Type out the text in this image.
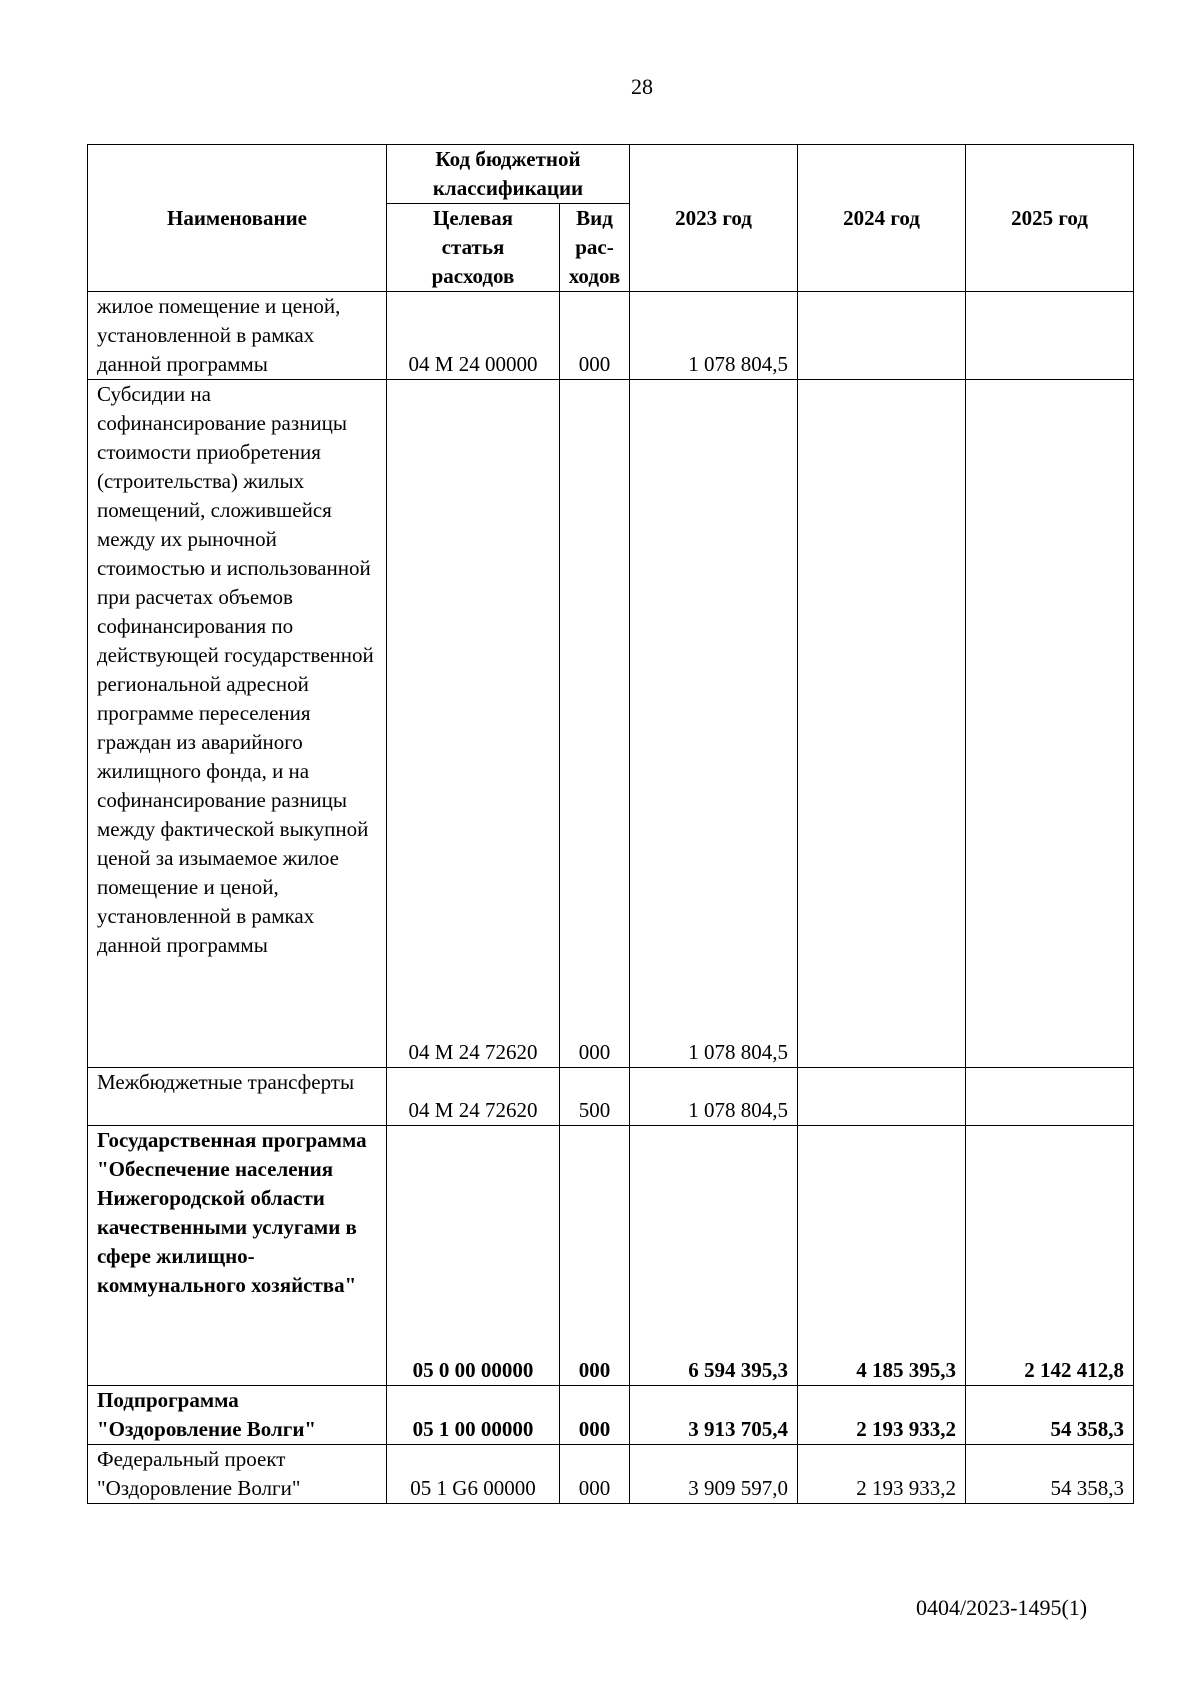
28
Наименование	Код бюджетной классификации		2023 год	2024 год	2025 год
	Целевая статья расходов	Вид рас-ходов			
жилое помещение и ценой, установленной в рамках данной программы	04 М 24 00000	000	1 078 804,5		
Субсидии на софинансирование разницы стоимости приобретения (строительства) жилых помещений, сложившейся между их рыночной стоимостью и использованной при расчетах объемов софинансирования по действующей государственной региональной адресной программе переселения граждан из аварийного жилищного фонда, и на софинансирование разницы между фактической выкупной ценой за изымаемое жилое помещение и ценой, установленной в рамках данной программы	04 М 24 72620	000	1 078 804,5		
Межбюджетные трансферты	04 М 24 72620	500	1 078 804,5		
Государственная программа "Обеспечение населения Нижегородской области качественными услугами в сфере жилищно-коммунального хозяйства"	05 0 00 00000	000	6 594 395,3	4 185 395,3	2 142 412,8
Подпрограмма "Оздоровление Волги"	05 1 00 00000	000	3 913 705,4	2 193 933,2	54 358,3
Федеральный проект "Оздоровление Волги"	05 1 G6 00000	000	3 909 597,0	2 193 933,2	54 358,3
0404/2023-1495(1)
